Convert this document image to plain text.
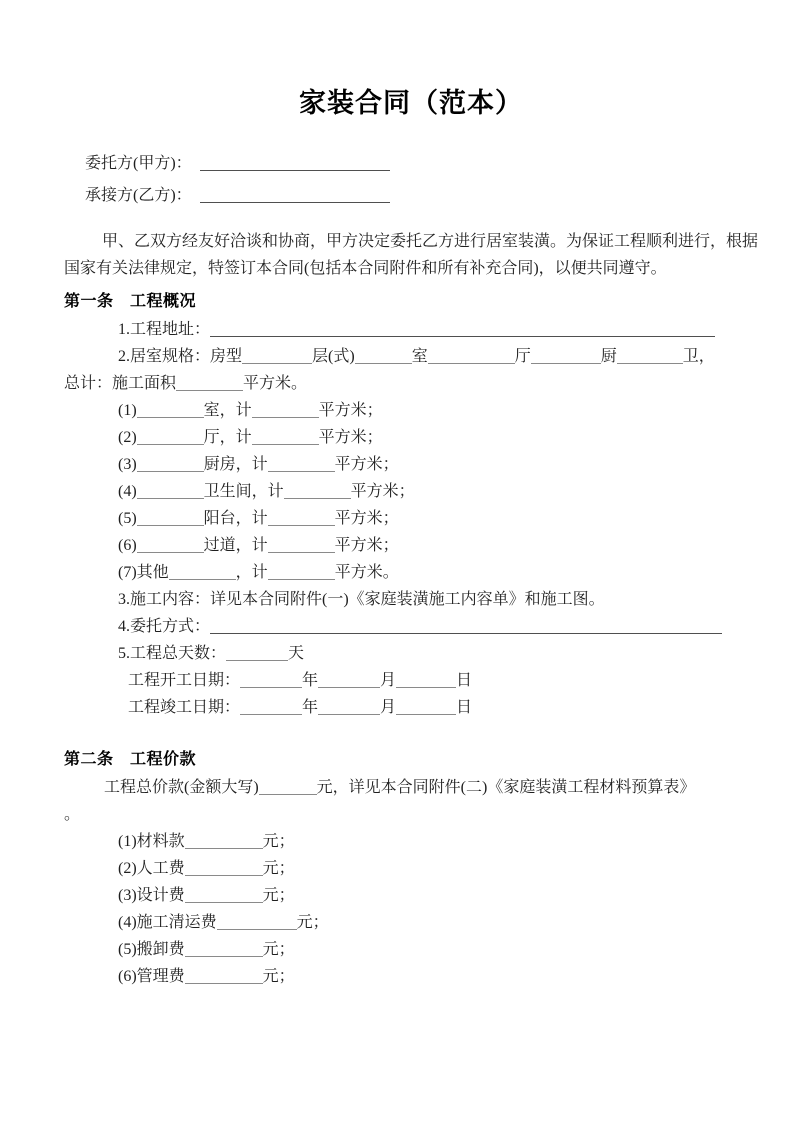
家装合同（范本）
委托方(甲方)：
承接方(乙方)：

甲、乙双方经友好洽谈和协商，甲方决定委托乙方进行居室装潢。为保证工程顺利进行，根据国家有关法律规定，特签订本合同(包括本合同附件和所有补充合同)，以便共同遵守。

第一条　工程概况
1.工程地址：
2.居室规格：房型	层(式)	室	厅	厨	卫，
总计：施工面积	平方米。
(1)	室，计	平方米；
(2)	厅，计	平方米；
(3)	厨房，计	平方米；
(4)	卫生间，计	平方米；
(5)	阳台，计	平方米；
(6)	过道，计	平方米；
(7)其他	，计	平方米。
3.施工内容：详见本合同附件(一)《家庭装潢施工内容单》和施工图。
4.委托方式：
5.工程总天数：	天
工程开工日期：	年	月	日
工程竣工日期：	年	月	日
第二条　工程价款
工程总价款(金额大写)	元，详见本合同附件(二)《家庭装潢工程材料预算表》
。
(1)材料款	元；
(2)人工费	元；
(3)设计费	元；
(4)施工清运费	元；
(5)搬卸费	元；
(6)管理费	元；
